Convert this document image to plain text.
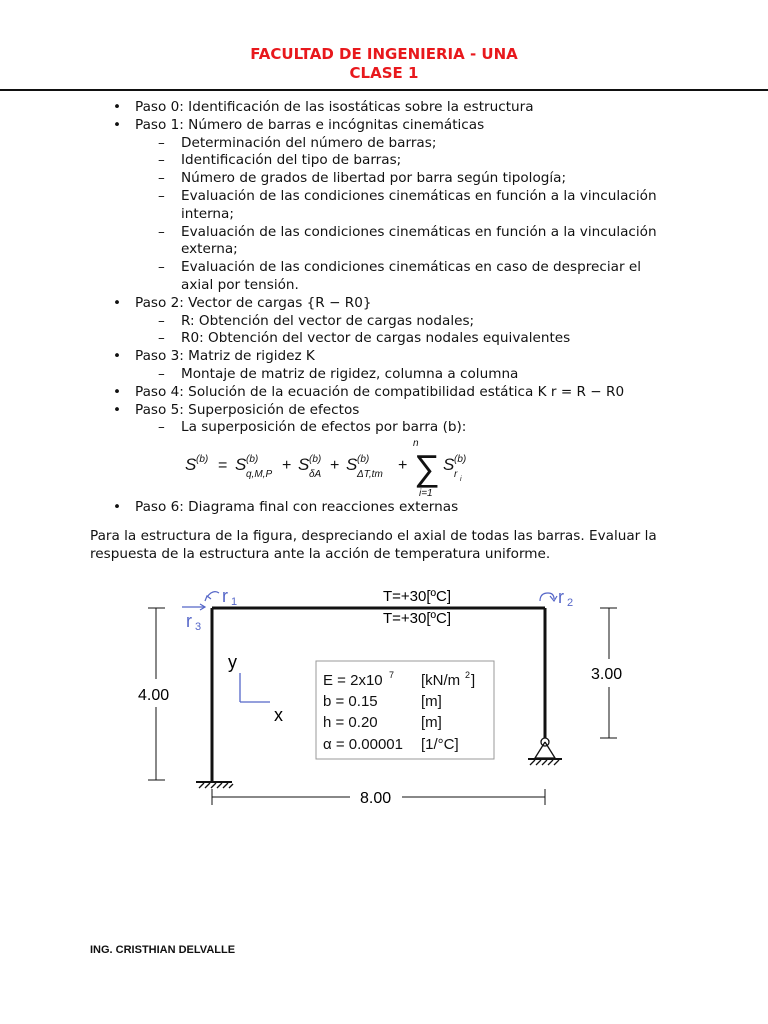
FACULTAD DE INGENIERIA - UNA
CLASE 1
• Paso 0: Identificación de las isostáticas sobre la estructura
• Paso 1: Número de barras e incógnitas cinemáticas
– Determinación del número de barras;
– Identificación del tipo de barras;
– Número de grados de libertad por barra según tipología;
– Evaluación de las condiciones cinemáticas en función a la vinculación
interna;
– Evaluación de las condiciones cinemáticas en función a la vinculación
externa;
– Evaluación de las condiciones cinemáticas en caso de despreciar el
axial por tensión.
• Paso 2: Vector de cargas {R − R0}
– R: Obtención del vector de cargas nodales;
– R0: Obtención del vector de cargas nodales equivalentes
• Paso 3: Matriz de rigidez K
– Montaje de matriz de rigidez, columna a columna
• Paso 4: Solución de la ecuación de compatibilidad estática K r = R − R0
• Paso 5: Superposición de efectos
– La superposición de efectos por barra (b):
S (b) = S (b)
q,M,P
+ S (b)
δA
+ S (b)
ΔT,tm
+
n
∑
i=1
S (b)
r i
• Paso 6: Diagrama final con reacciones externas
Para la estructura de la figura, despreciando el axial de todas las barras. Evaluar la respuesta de la estructura ante la acción de temperatura uniforme.
4.00
3.00
8.00
T=+30[ºC]
T=+30[ºC]
y
x
r 1	r 2
r 3
E = 2x10 7 [kN/m 2 ]
b = 0.15	[m]
h = 0.20	[m]
α = 0.00001 [1/°C]
ING. CRISTHIAN DELVALLE
